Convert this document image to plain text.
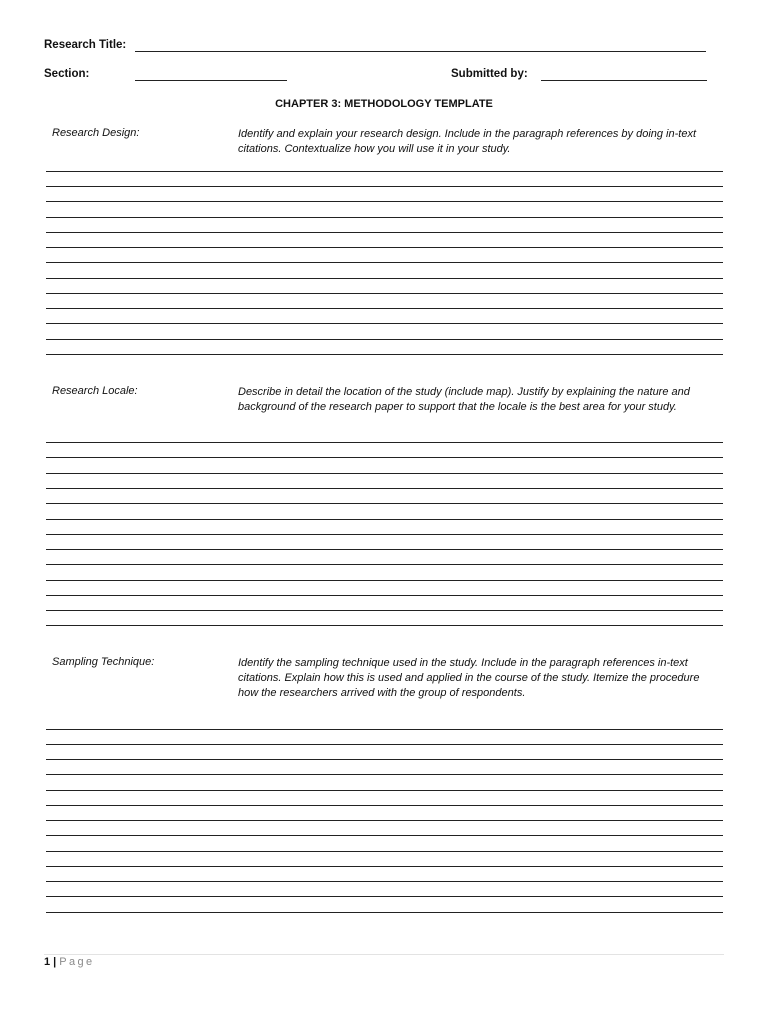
Research Title:
Section:	Submitted by:
CHAPTER 3: METHODOLOGY TEMPLATE
Research Design:	Identify and explain your research design. Include in the paragraph references by doing in-text citations. Contextualize how you will use it in your study.
Research Locale:	Describe in detail the location of the study (include map). Justify by explaining the nature and background of the research paper to support that the locale is the best area for your study.
Sampling Technique:	Identify the sampling technique used in the study. Include in the paragraph references in-text citations. Explain how this is used and applied in the course of the study. Itemize the procedure how the researchers arrived with the group of respondents.
1 | Page
